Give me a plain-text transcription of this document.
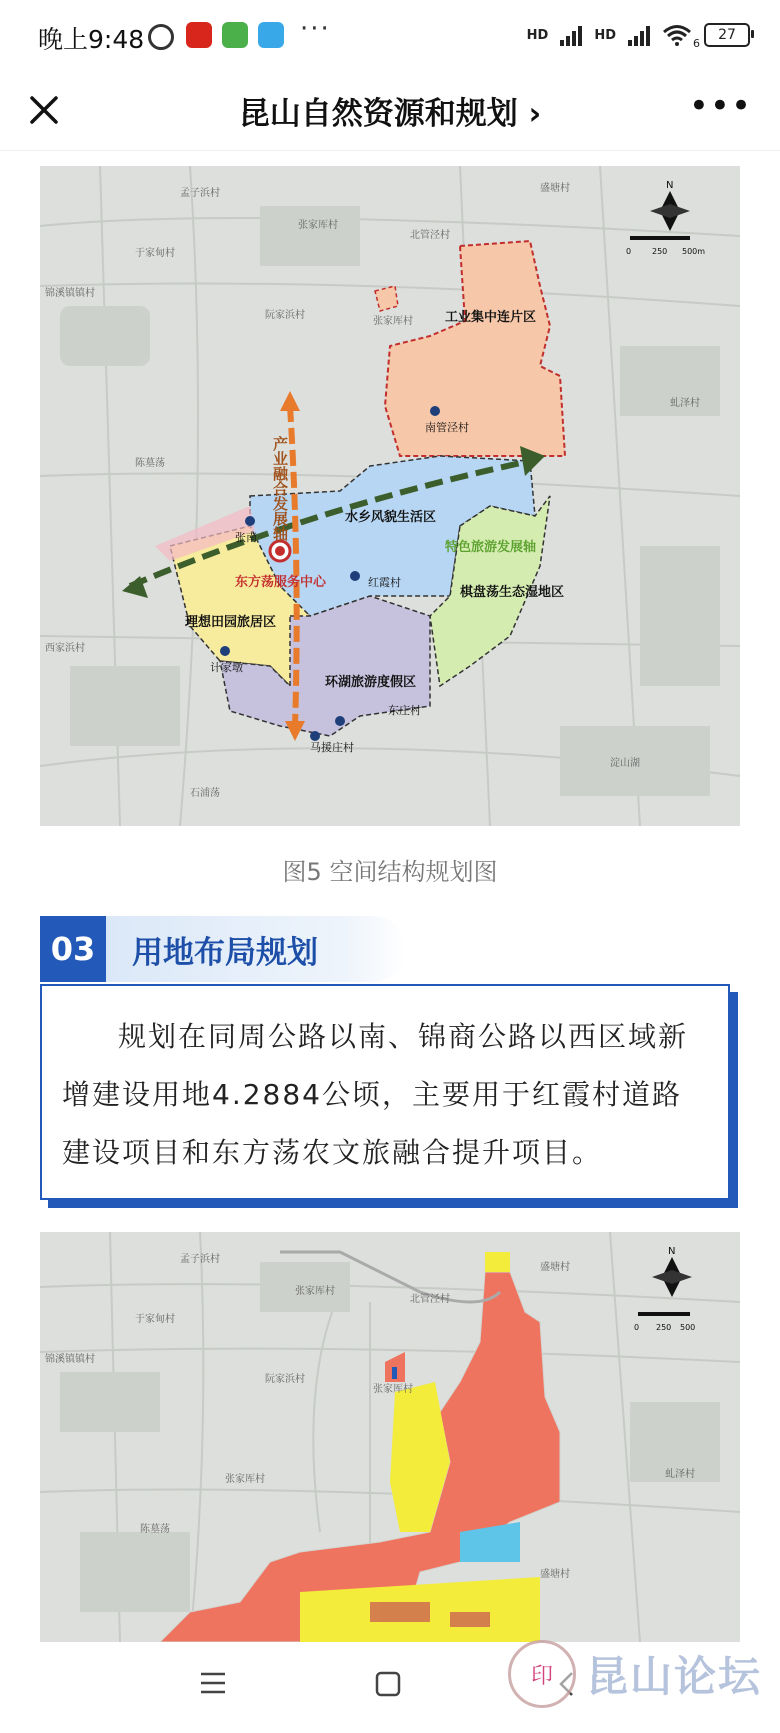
晚上9:48	···	HD	HD
6
27
昆山自然资源和规划 ›	•••
孟子浜村
张家厍村
北管泾村
盛塘村
于家甸村
锦溪镇镇村
阮家浜村
张家厍村
虬泽村
陈墓荡
西家浜村
石浦荡
淀山湖
工业集中连片区
南管泾村
水乡风貌生活区
特色旅游发展轴
张南
东方荡服务中心	红霞村
棋盘荡生态湿地区
理想田园旅居区
计家墩
环湖旅游度假区
东庄村
马援庄村
产业融合发展轴
N
0	250 500m
图5 空间结构规划图
03	用地布局规划

规划在同周公路以南、锦商公路以西区域新增建设用地4.2884公顷，主要用于红霞村道路建设项目和东方荡农文旅融合提升项目。

孟子浜村
张家厍村
盛塘村
北管泾村
于家甸村
锦溪镇镇村
阮家浜村
张家厍村
虬泽村
张家厍村
陈墓荡
盛塘村
N
0 250 500
印 昆山论坛
